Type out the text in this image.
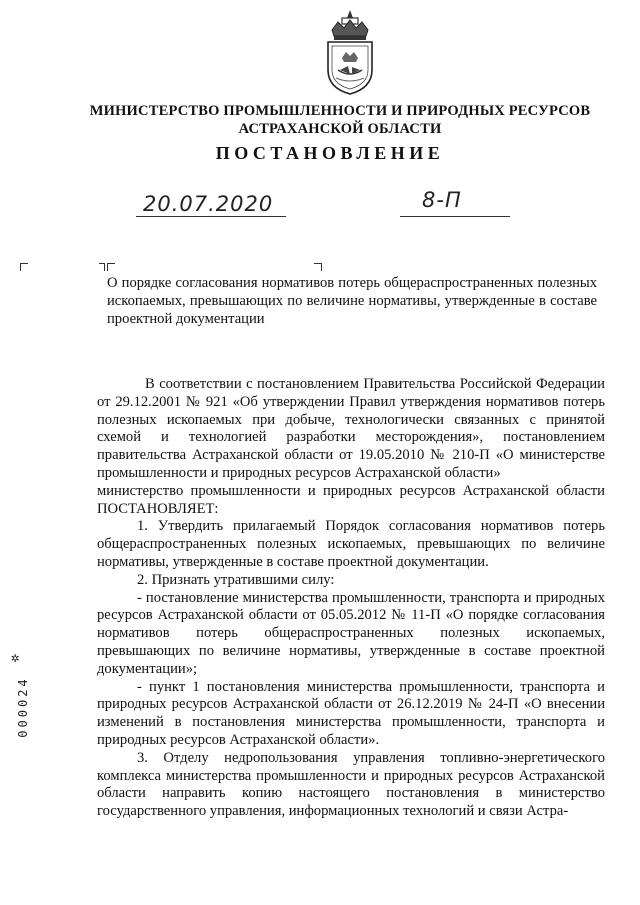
МИНИСТЕРСТВО ПРОМЫШЛЕННОСТИ И ПРИРОДНЫХ РЕСУРСОВ
АСТРАХАНСКОЙ ОБЛАСТИ
ПОСТАНОВЛЕНИЕ
20.07.2020	8-П
О порядке согласования нормативов потерь общераспространенных полезных ископаемых, превышающих по величине нормативы, утвержденные в составе проектной документации

В соответствии с постановлением Правительства Российской Федерации от 29.12.2001 № 921 «Об утверждении Правил утверждения нормативов потерь полезных ископаемых при добыче, технологически связанных с принятой схемой и технологией разработки месторождения», постановлением правительства Астраханской области от 19.05.2010 № 210-П «О министерстве промышленности и природных ресурсов Астраханской области»

министерство промышленности и природных ресурсов Астраханской области ПОСТАНОВЛЯЕТ:

1. Утвердить прилагаемый Порядок согласования нормативов потерь общераспространенных полезных ископаемых, превышающих по величине нормативы, утвержденные в составе проектной документации.

2. Признать утратившими силу:

- постановление министерства промышленности, транспорта и природных ресурсов Астраханской области от 05.05.2012 № 11-П «О порядке согласования нормативов потерь общераспространенных полезных ископаемых, превышающих по величине нормативы, утвержденные в составе проектной документации»;

- пункт 1 постановления министерства промышленности, транспорта и природных ресурсов Астраханской области от 26.12.2019 № 24-П «О внесении изменений в постановления министерства промышленности, транспорта и природных ресурсов Астраханской области».

3. Отделу недропользования управления топливно-энергетического комплекса министерства промышленности и природных ресурсов Астраханской области направить копию настоящего постановления в министерство государственного управления, информационных технологий и связи Астра-

✲
000024
